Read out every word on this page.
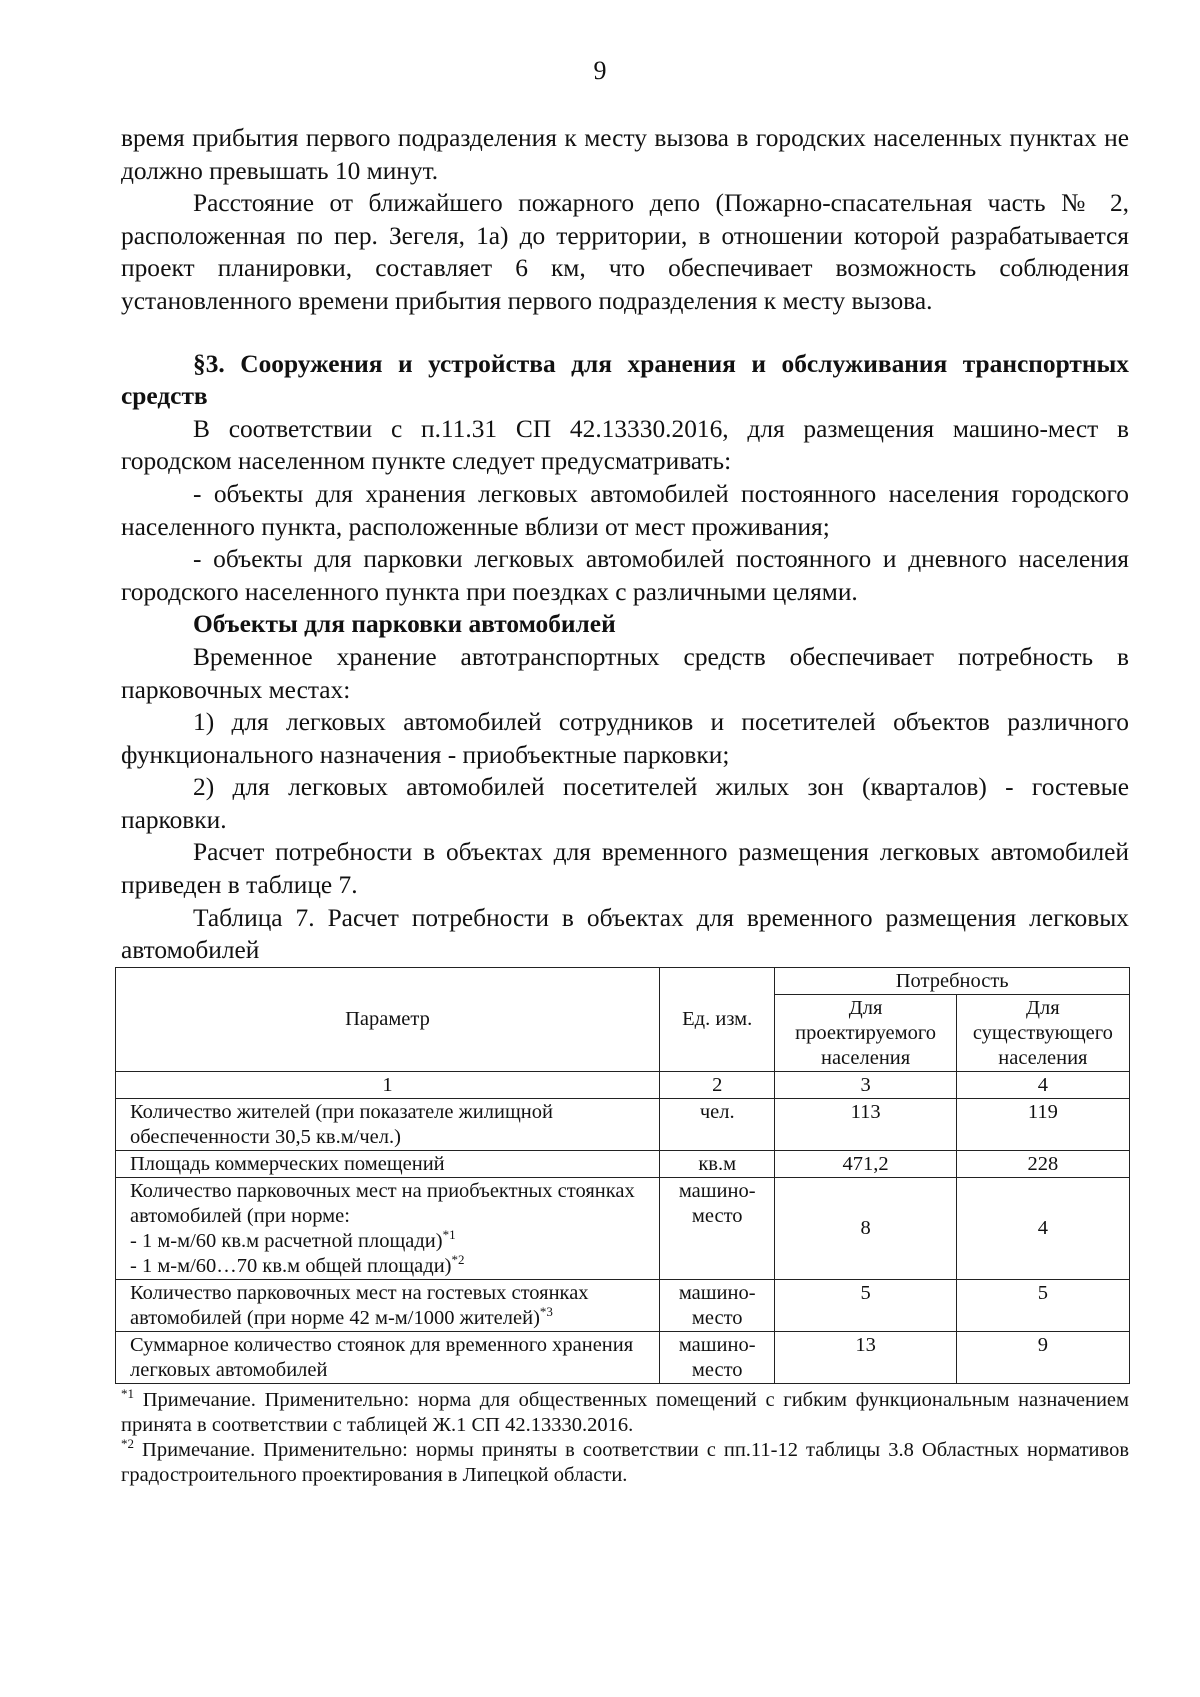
9

время прибытия первого подразделения к месту вызова в городских населенных пунктах не должно превышать 10 минут.

Расстояние от ближайшего пожарного депо (Пожарно-спасательная часть № 2, расположенная по пер. Зегеля, 1а) до территории, в отношении которой разрабатывается проект планировки, составляет 6 км, что обеспечивает возможность соблюдения установленного времени прибытия первого подразделения к месту вызова.

§3. Сооружения и устройства для хранения и обслуживания транспортных средств

В соответствии с п.11.31 СП 42.13330.2016, для размещения машино-мест в городском населенном пункте следует предусматривать:

- объекты для хранения легковых автомобилей постоянного населения городского населенного пункта, расположенные вблизи от мест проживания;

- объекты для парковки легковых автомобилей постоянного и дневного населения городского населенного пункта при поездках с различными целями.

Объекты для парковки автомобилей

Временное хранение автотранспортных средств обеспечивает потребность в парковочных местах:

1) для легковых автомобилей сотрудников и посетителей объектов различного функционального назначения - приобъектные парковки;

2) для легковых автомобилей посетителей жилых зон (кварталов) - гостевые парковки.

Расчет потребности в объектах для временного размещения легковых автомобилей приведен в таблице 7.

Таблица 7. Расчет потребности в объектах для временного размещения легковых автомобилей

Параметр	Ед. изм.	Потребность	
		Для проектируемого населения	Для существующего населения
1	2	3	4
Количество жителей (при показателе жилищной обеспеченности 30,5 кв.м/чел.)	чел.	113	119
Площадь коммерческих помещений	кв.м	471,2	228
Количество парковочных мест на приобъектных стоянках автомобилей (при норме:
- 1 м-м/60 кв.м расчетной площади)$^{*1}$
- 1 м-м/60…70 кв.м общей площади)$^{*2}$	машино-место	8	4
Количество парковочных мест на гостевых стоянках автомобилей (при норме 42 м-м/1000 жителей)$^{*3}$	машино-место	5	5
Суммарное количество стоянок для временного хранения легковых автомобилей	машино-место	13	9

$^{*1}$ Примечание. Применительно: норма для общественных помещений с гибким функциональным назначением принята в соответствии с таблицей Ж.1 СП 42.13330.2016.

$^{*2}$ Примечание. Применительно: нормы приняты в соответствии с пп.11-12 таблицы 3.8 Областных нормативов градостроительного проектирования в Липецкой области.
